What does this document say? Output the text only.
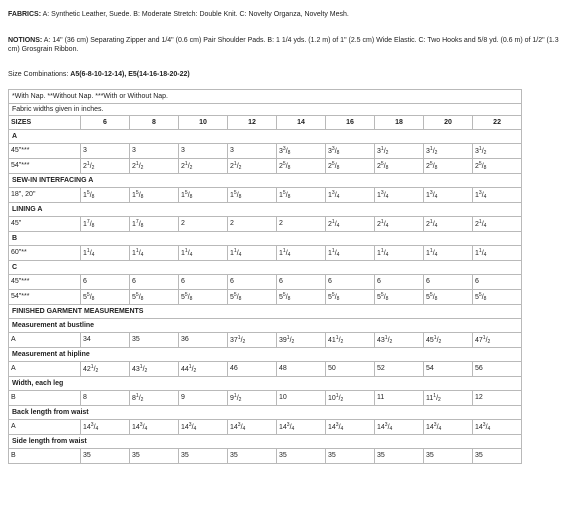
FABRICS: A: Synthetic Leather, Suede. B: Moderate Stretch: Double Knit. C: Novelty Organza, Novelty Mesh.

NOTIONS: A: 14" (36 cm) Separating Zipper and 1/4" (0.6 cm) Pair Shoulder Pads. B: 1 1/4 yds. (1.2 m) of 1" (2.5 cm) Wide Elastic. C: Two Hooks and 5/8 yd. (0.6 m) of 1/2" (1.3 cm) Grosgrain Ribbon.

Size Combinations: A5(6-8-10-12-14), E5(14-16-18-20-22)

*With Nap. **Without Nap. ***With or Without Nap.										
Fabric widths given in inches.										
SIZES	6	8	10	12	14	16	18	20	22	
A										
45"***	3	3	3	3	$3^3/_8$	$3^3/_8$	$3^1/_2$	$3^1/_2$	$3^1/_2$	
54"***	$2^1/_2$	$2^1/_2$	$2^1/_2$	$2^1/_2$	$2^5/_8$	$2^5/_8$	$2^5/_8$	$2^5/_8$	$2^5/_8$	
SEW-IN INTERFACING A										
18", 20"	$1^5/_8$	$1^5/_8$	$1^5/_8$	$1^5/_8$	$1^5/_8$	$1^3/_4$	$1^3/_4$	$1^3/_4$	$1^3/_4$	
LINING A										
45"	$1^7/_8$	$1^7/_8$	2	2	2	$2^1/_4$	$2^1/_4$	$2^1/_4$	$2^1/_4$	
B										
60"**	$1^1/_4$	$1^1/_4$	$1^1/_4$	$1^1/_4$	$1^1/_4$	$1^1/_4$	$1^1/_4$	$1^1/_4$	$1^1/_4$	
C										
45"***	6	6	6	6	6	6	6	6	6	
54"***	$5^5/_8$	$5^5/_8$	$5^5/_8$	$5^5/_8$	$5^5/_8$	$5^5/_8$	$5^5/_8$	$5^5/_8$	$5^5/_8$	
FINISHED GARMENT MEASUREMENTS										
Measurement at bustline										
A	34	35	36	$37^1/_2$	$39^1/_2$	$41^1/_2$	$43^1/_2$	$45^1/_2$	$47^1/_2$	
Measurement at hipline										
A	$42^1/_2$	$43^1/_2$	$44^1/_2$	46	48	50	52	54	56	
Width, each leg										
B	8	$8^1/_2$	9	$9^1/_2$	10	$10^1/_2$	11	$11^1/_2$	12	
Back length from waist										
A	$14^3/_4$	$14^3/_4$	$14^3/_4$	$14^3/_4$	$14^3/_4$	$14^3/_4$	$14^3/_4$	$14^3/_4$	$14^3/_4$	
Side length from waist										
B	35	35	35	35	35	35	35	35	35	
